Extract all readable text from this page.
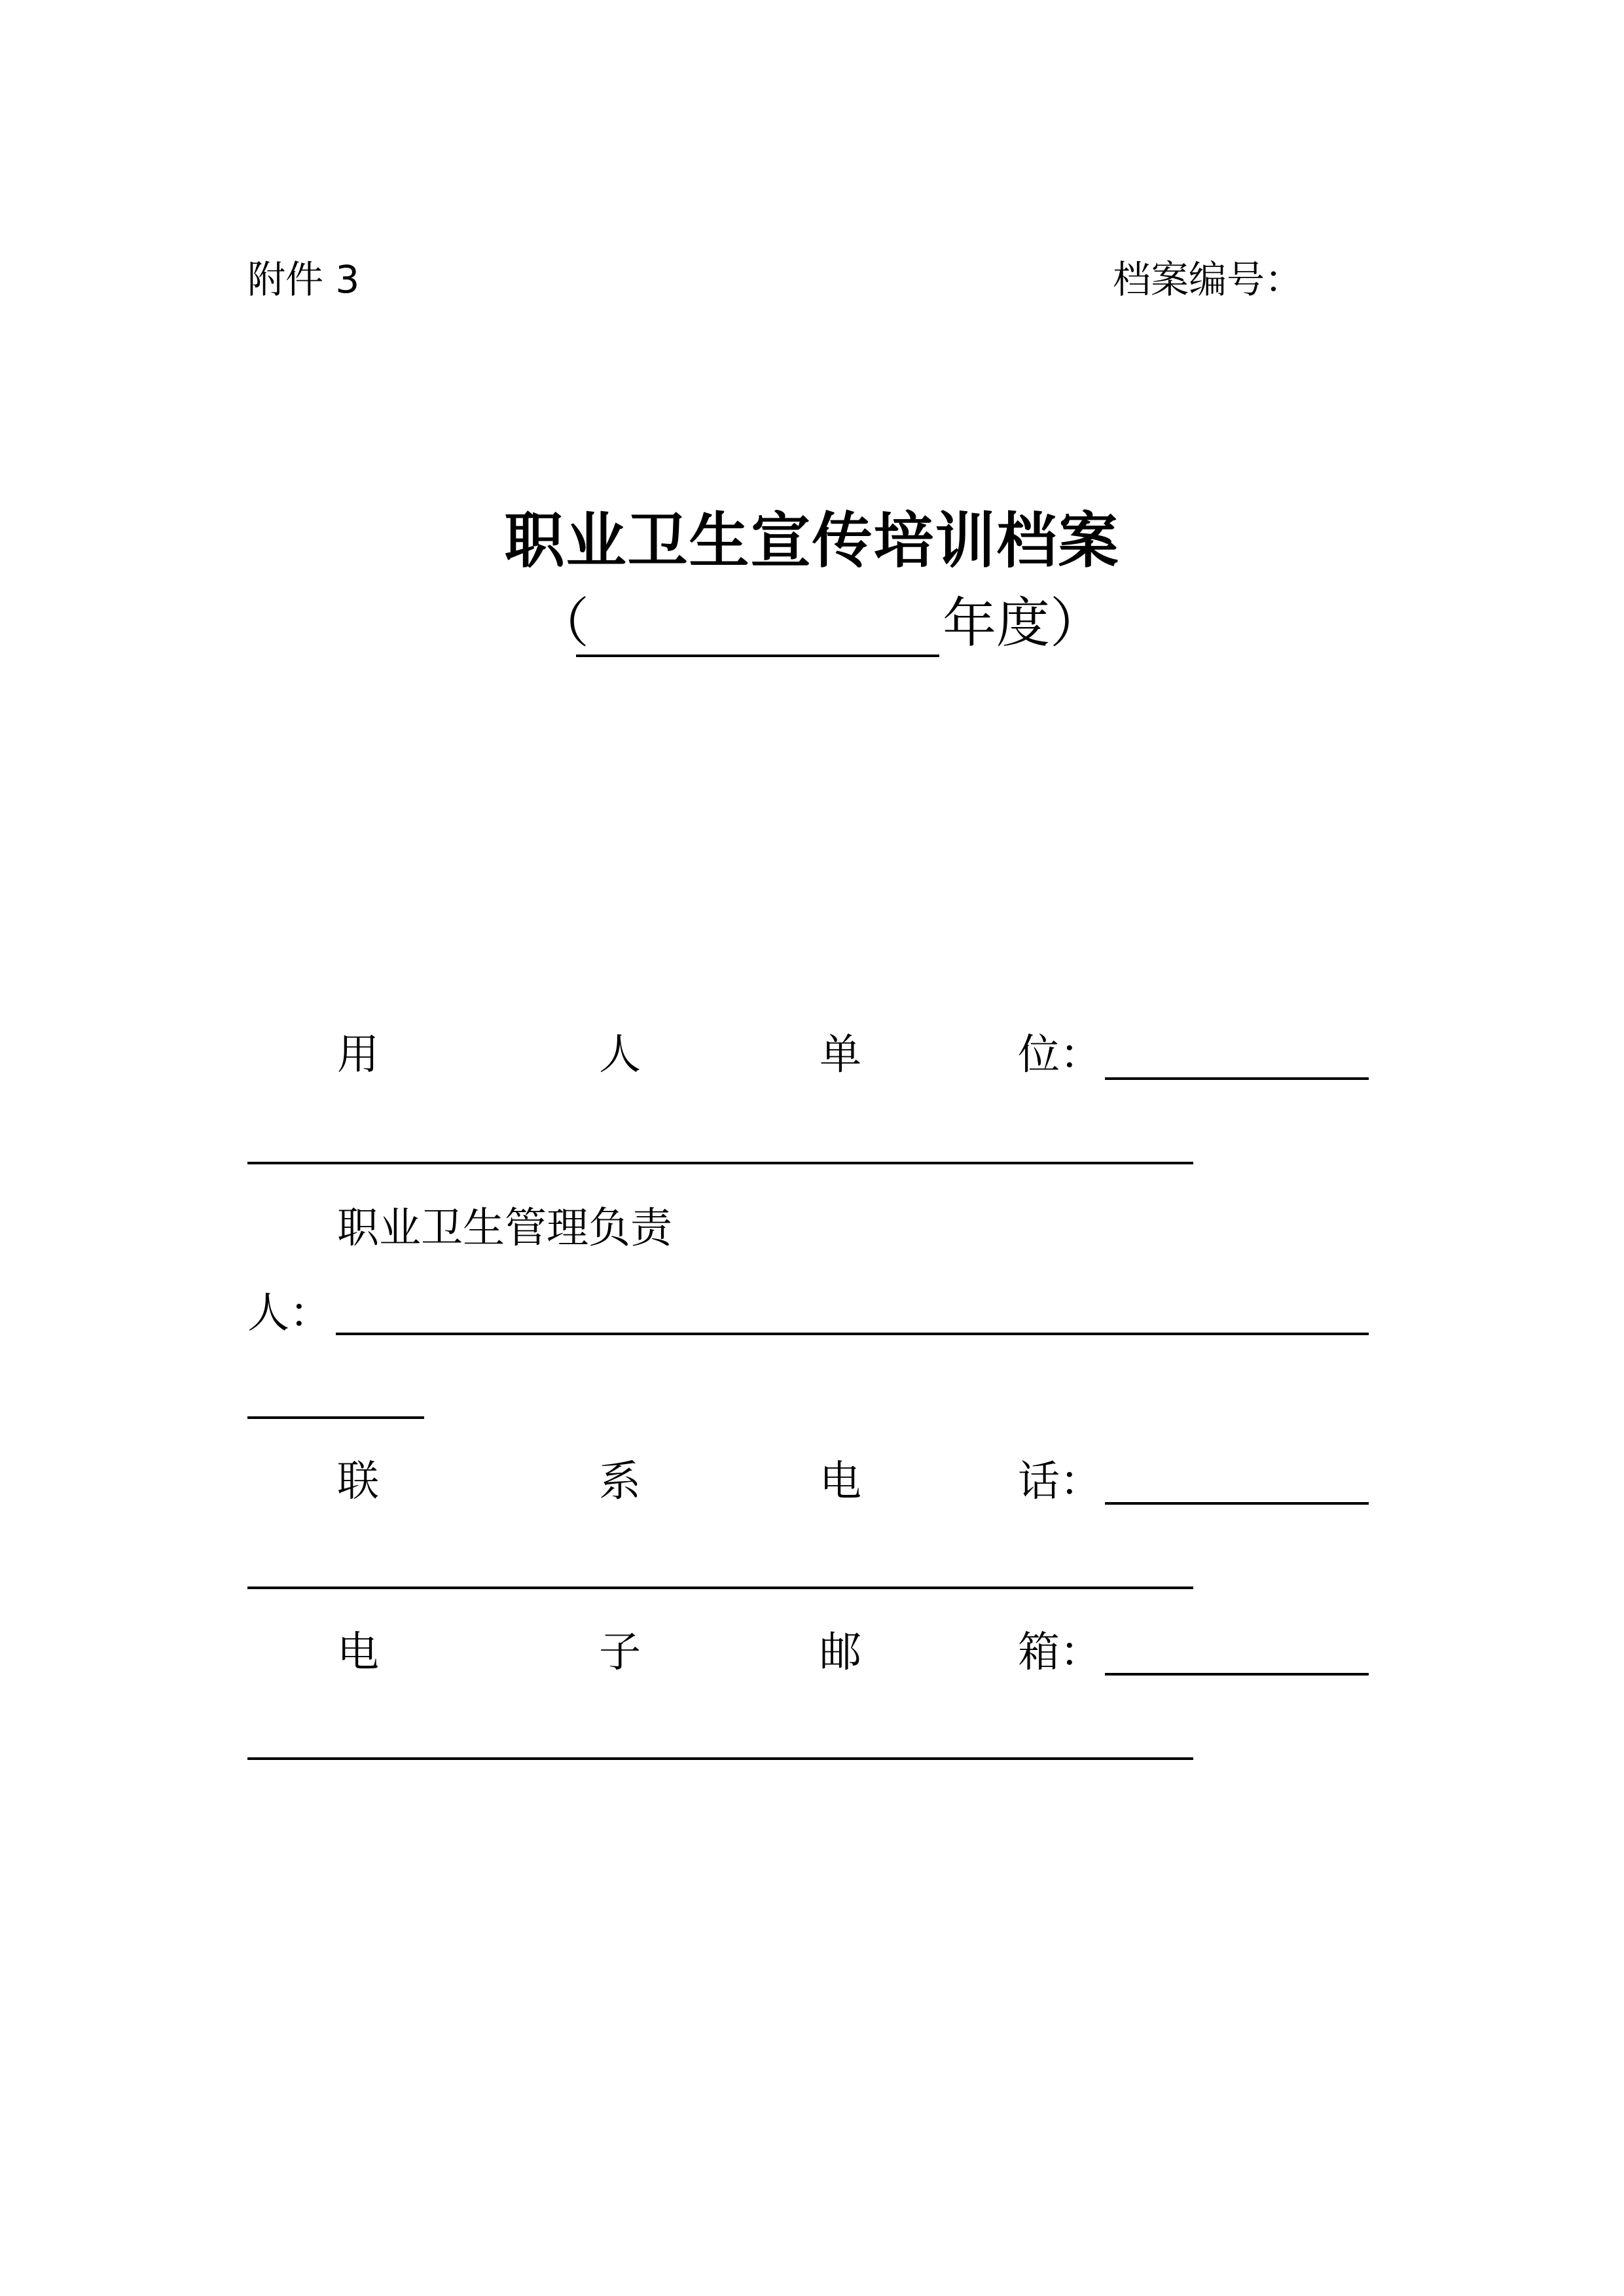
附件 3	档案编号：
职业卫生宣传培训档案
（	年度）
用	人	单	位：
职业卫生管理负责
人：
联	系	电	话：
电	子	邮	箱：
